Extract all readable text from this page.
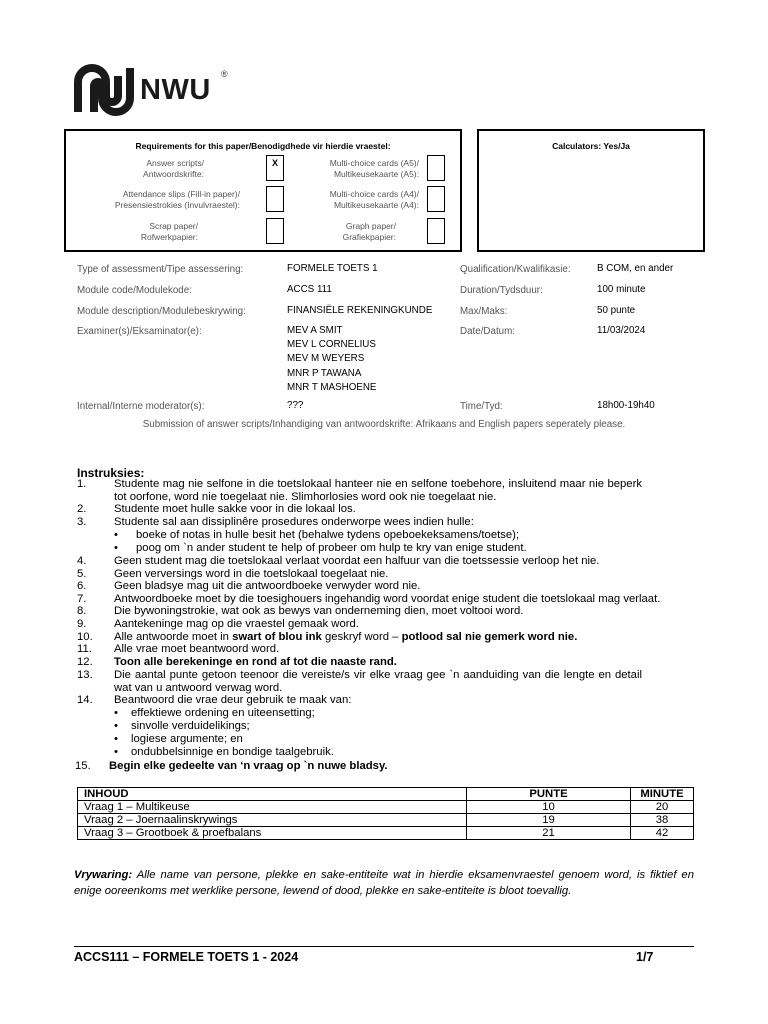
NWU ®
Requirements for this paper/Benodigdhede vir hierdie vraestel:
Answer scripts/
Antwoordskrifte:
X
Attendance slips (Fill-in paper)/
Presensiestrokies (Invulvraestel):
Scrap paper/
Rofwerkpapier:
Multi-choice cards (A5)/
Multikeusekaarte (A5):
Multi-choice cards (A4)/
Multikeusekaarte (A4):
Graph paper/
Grafiekpapier:
Calculators: Yes/Ja
Type of assessment/Tipe assessering:	FORMELE TOETS 1
Module code/Modulekode:	ACCS 111
Module description/Modulebeskrywing:	FINANSIËLE REKENINGKUNDE
Examiner(s)/Eksaminator(e):	MEV A SMIT
MEV L CORNELIUS
MEV M WEYERS
MNR P TAWANA
MNR T MASHOENE
Internal/Interne moderator(s):	???
Qualification/Kwalifikasie:	B COM, en ander
Duration/Tydsduur:	100 minute
Max/Maks:	50 punte
Date/Datum:	11/03/2024
Time/Tyd:	18h00-19h40
Submission of answer scripts/Inhandiging van antwoordskrifte: Afrikaans and English papers seperately please.
Instruksies:
1. Studente mag nie selfone in die toetslokaal hanteer nie en selfone toebehore, insluitend maar nie beperk tot oorfone, word nie toegelaat nie. Slimhorlosies word ook nie toegelaat nie.
2. Studente moet hulle sakke voor in die lokaal los.
3. Studente sal aan dissiplinêre prosedures onderworpe wees indien hulle:
• boeke of notas in hulle besit het (behalwe tydens opeboekeksamens/toetse);
• poog om `n ander student te help of probeer om hulp te kry van enige student.
4. Geen student mag die toetslokaal verlaat voordat een halfuur van die toetssessie verloop het nie.
5. Geen verversings word in die toetslokaal toegelaat nie.
6. Geen bladsye mag uit die antwoordboeke verwyder word nie.
7. Antwoordboeke moet by die toesighouers ingehandig word voordat enige student die toetslokaal mag verlaat.
8. Die bywoningstrokie, wat ook as bewys van onderneming dien, moet voltooi word.
9. Aantekeninge mag op die vraestel gemaak word.
10. Alle antwoorde moet in swart of blou ink geskryf word – potlood sal nie gemerk word nie.
11. Alle vrae moet beantwoord word.
12. Toon alle berekeninge en rond af tot die naaste rand.
13. Die aantal punte getoon teenoor die vereiste/s vir elke vraag gee `n aanduiding van die lengte en detail wat van u antwoord verwag word.
14. Beantwoord die vrae deur gebruik te maak van:
• effektiewe ordening en uiteensetting;
• sinvolle verduidelikings;
• logiese argumente; en
• ondubbelsinnige en bondige taalgebruik.
15. Begin elke gedeelte van ‘n vraag op `n nuwe bladsy.
INHOUD	PUNTE	MINUTE
Vraag 1 – Multikeuse	10	20
Vraag 2 – Joernaalinskrywings	19	38
Vraag 3 – Grootboek & proefbalans	21	42
Vrywaring: Alle name van persone, plekke en sake-entiteite wat in hierdie eksamenvraestel genoem word, is fiktief en enige ooreenkoms met werklike persone, lewend of dood, plekke en sake-entiteite is bloot toevallig.
ACCS111 – FORMELE TOETS 1 - 2024	1/7
